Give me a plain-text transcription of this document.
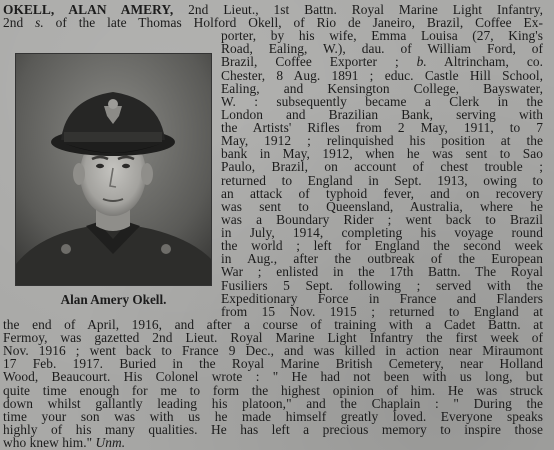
OKELL, ALAN AMERY, 2nd Lieut., 1st Battn. Royal Marine Light Infantry,
2nd s. of the late Thomas Holford Okell, of Rio de Janeiro, Brazil, Coffee Ex-
porter, by his wife, Emma Louisa (27, King's
Road, Ealing, W.), dau. of William Ford, of
Brazil, Coffee Exporter ; b. Altrincham, co.
Chester, 8 Aug. 1891 ; educ. Castle Hill School,
Ealing, and Kensington College, Bayswater,
W. : subsequently became a Clerk in the
London and Brazilian Bank, serving with
the Artists' Rifles from 2 May, 1911, to 7
May, 1912 ; relinquished his position at the
bank in May, 1912, when he was sent to Sao
Paulo, Brazil, on account of chest trouble ;
returned to England in Sept. 1913, owing to
an attack of typhoid fever, and on recovery
was sent to Queensland, Australia, where he
was a Boundary Rider ; went back to Brazil
in July, 1914, completing his voyage round
the world ; left for England the second week
in Aug., after the outbreak of the European
War ; enlisted in the 17th Battn. The Royal
Fusiliers 5 Sept. following ; served with the
Expeditionary Force in France and Flanders
from 15 Nov. 1915 ; returned to England at
Alan Amery Okell.
the end of April, 1916, and after a course of training with a Cadet Battn. at
Fermoy, was gazetted 2nd Lieut. Royal Marine Light Infantry the first week of
Nov. 1916 ; went back to France 9 Dec., and was killed in action near Miraumont
17 Feb. 1917. Buried in the Royal Marine British Cemetery, near Holland
Wood, Beaucourt. His Colonel wrote : " He had not been with us long, but
quite time enough for me to form the highest opinion of him. He was struck
down whilst gallantly leading his platoon," and the Chaplain : " During the
time your son was with us he made himself greatly loved. Everyone speaks
highly of his many qualities. He has left a precious memory to inspire those
who knew him." Unm.
